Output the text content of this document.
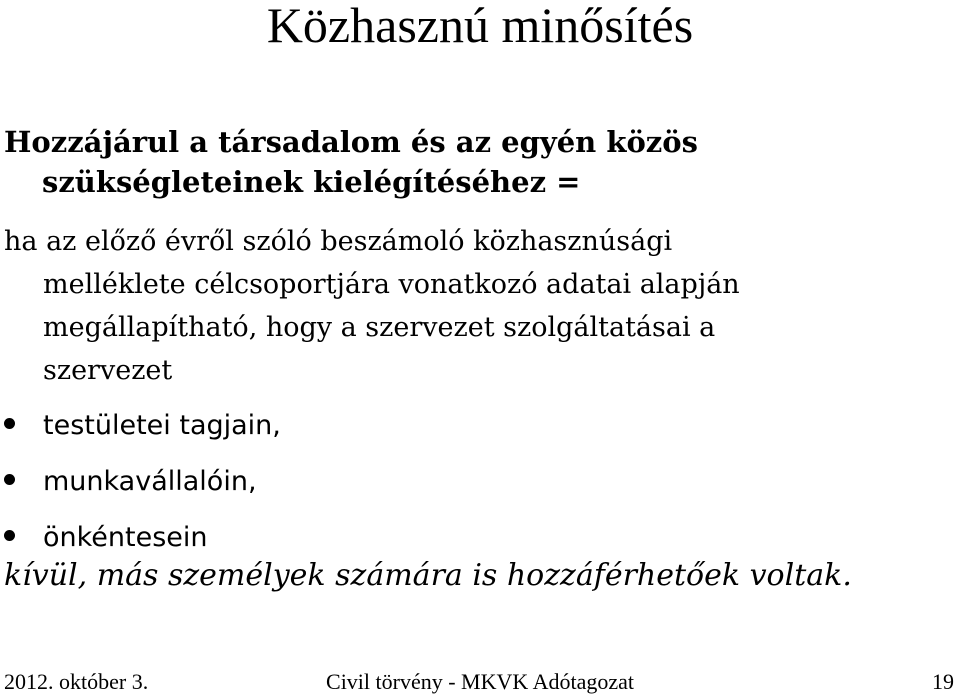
Közhasznú minősítés
Hozzájárul a társadalom és az egyén közös
szükségleteinek kielégítéséhez =
ha az előző évről szóló beszámoló közhasznúsági
melléklete célcsoportjára vonatkozó adatai alapján
megállapítható, hogy a szervezet szolgáltatásai a
szervezet
testületei tagjain,
munkavállalóin,
önkéntesein
kívül, más személyek számára is hozzáférhetőek voltak.
2012. október 3.	Civil törvény - MKVK Adótagozat	19
